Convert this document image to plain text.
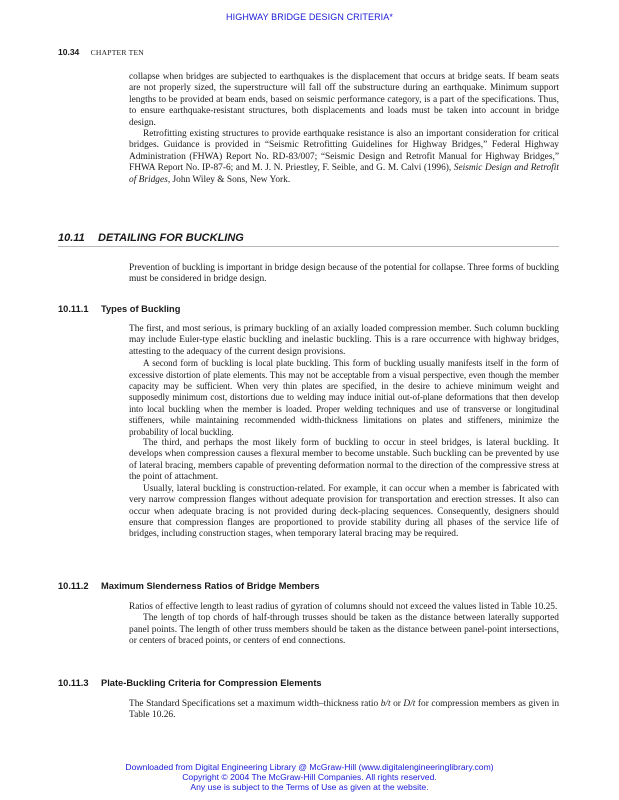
HIGHWAY BRIDGE DESIGN CRITERIA*
10.34 CHAPTER TEN

collapse when bridges are subjected to earthquakes is the displacement that occurs at bridge seats. If beam seats are not properly sized, the superstructure will fall off the substructure during an earthquake. Minimum support lengths to be provided at beam ends, based on seismic performance category, is a part of the specifications. Thus, to ensure earthquake-resistant structures, both displacements and loads must be taken into account in bridge design.

Retrofitting existing structures to provide earthquake resistance is also an important consideration for critical bridges. Guidance is provided in “Seismic Retrofitting Guidelines for Highway Bridges,” Federal Highway Administration (FHWA) Report No. RD-83/007; “Seismic Design and Retrofit Manual for Highway Bridges,” FHWA Report No. IP-87-6; and M. J. N. Priestley, F. Seible, and G. M. Calvi (1996), Seismic Design and Retrofit of Bridges, John Wiley & Sons, New York.

10.11 DETAILING FOR BUCKLING

Prevention of buckling is important in bridge design because of the potential for collapse. Three forms of buckling must be considered in bridge design.

10.11.1 Types of Buckling

The first, and most serious, is primary buckling of an axially loaded compression member. Such column buckling may include Euler-type elastic buckling and inelastic buckling. This is a rare occurrence with highway bridges, attesting to the adequacy of the current design provisions.

A second form of buckling is local plate buckling. This form of buckling usually manifests itself in the form of excessive distortion of plate elements. This may not be acceptable from a visual perspective, even though the member capacity may be sufficient. When very thin plates are specified, in the desire to achieve minimum weight and supposedly minimum cost, distortions due to welding may induce initial out-of-plane deformations that then develop into local buckling when the member is loaded. Proper welding techniques and use of transverse or longitudinal stiffeners, while maintaining recommended width-thickness limitations on plates and stiffeners, minimize the probability of local buckling.

The third, and perhaps the most likely form of buckling to occur in steel bridges, is lateral buckling. It develops when compression causes a flexural member to become unstable. Such buckling can be prevented by use of lateral bracing, members capable of preventing deformation normal to the direction of the compressive stress at the point of attachment.

Usually, lateral buckling is construction-related. For example, it can occur when a member is fabricated with very narrow compression flanges without adequate provision for transportation and erection stresses. It also can occur when adequate bracing is not provided during deck-placing sequences. Consequently, designers should ensure that compression flanges are proportioned to provide stability during all phases of the service life of bridges, including construction stages, when temporary lateral bracing may be required.

10.11.2 Maximum Slenderness Ratios of Bridge Members

Ratios of effective length to least radius of gyration of columns should not exceed the values listed in Table 10.25.

The length of top chords of half-through trusses should be taken as the distance between laterally supported panel points. The length of other truss members should be taken as the distance between panel-point intersections, or centers of braced points, or centers of end connections.

10.11.3 Plate-Buckling Criteria for Compression Elements

The Standard Specifications set a maximum width–thickness ratio b/t or D/t for compression members as given in Table 10.26.

Downloaded from Digital Engineering Library @ McGraw-Hill (www.digitalengineeringlibrary.com)
Copyright © 2004 The McGraw-Hill Companies. All rights reserved.
Any use is subject to the Terms of Use as given at the website.
